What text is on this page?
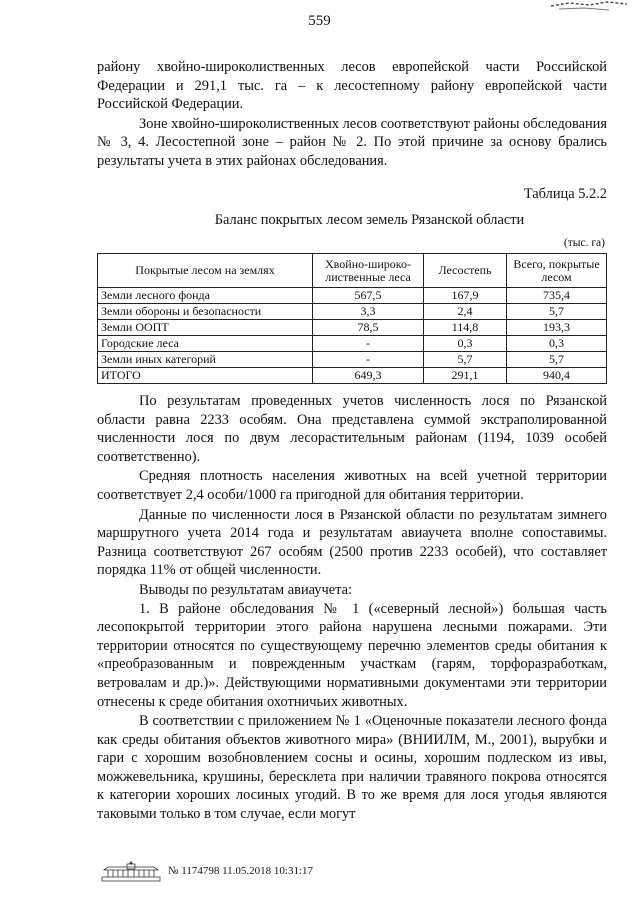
559

району хвойно-широколиственных лесов европейской части Российской Федерации и 291,1 тыс. га – к лесостепному району европейской части Российской Федерации.

Зоне хвойно-широколиственных лесов соответствуют районы обследования № 3, 4. Лесостепной зоне – район № 2. По этой причине за основу брались результаты учета в этих районах обследования.

Таблица 5.2.2
Баланс покрытых лесом земель Рязанской области
(тыс. га)
Покрытые лесом на землях	Хвойно-широко-лиственные леса	Лесостепь	Всего, покрытые лесом
Земли лесного фонда	567,5	167,9	735,4
Земли обороны и безопасности	3,3	2,4	5,7
Земли ООПТ	78,5	114,8	193,3
Городские леса	-	0,3	0,3
Земли иных категорий	-	5,7	5,7
ИТОГО	649,3	291,1	940,4

По результатам проведенных учетов численность лося по Рязанской области равна 2233 особям. Она представлена суммой экстраполированной численности лося по двум лесорастительным районам (1194, 1039 особей соответственно).

Средняя плотность населения животных на всей учетной территории соответствует 2,4 особи/1000 га пригодной для обитания территории.

Данные по численности лося в Рязанской области по результатам зимнего маршрутного учета 2014 года и результатам авиаучета вполне сопоставимы. Разница соответствуют 267 особям (2500 против 2233 особей), что составляет порядка 11% от общей численности.

Выводы по результатам авиаучета:

1. В районе обследования № 1 («северный лесной») большая часть лесопокрытой территории этого района нарушена лесными пожарами. Эти территории относятся по существующему перечню элементов среды обитания к «преобразованным и поврежденным участкам (гарям, торфоразработкам, ветровалам и др.)». Действующими нормативными документами эти территории отнесены к среде обитания охотничьих животных.

В соответствии с приложением № 1 «Оценочные показатели лесного фонда как среды обитания объектов животного мира» (ВНИИЛМ, М., 2001), вырубки и гари с хорошим возобновлением сосны и осины, хорошим подлеском из ивы, можжевельника, крушины, бересклета при наличии травяного покрова относятся к категории хороших лосиных угодий. В то же время для лося угодья являются таковыми только в том случае, если могут

№ 1174798 11.05.2018 10:31:17
